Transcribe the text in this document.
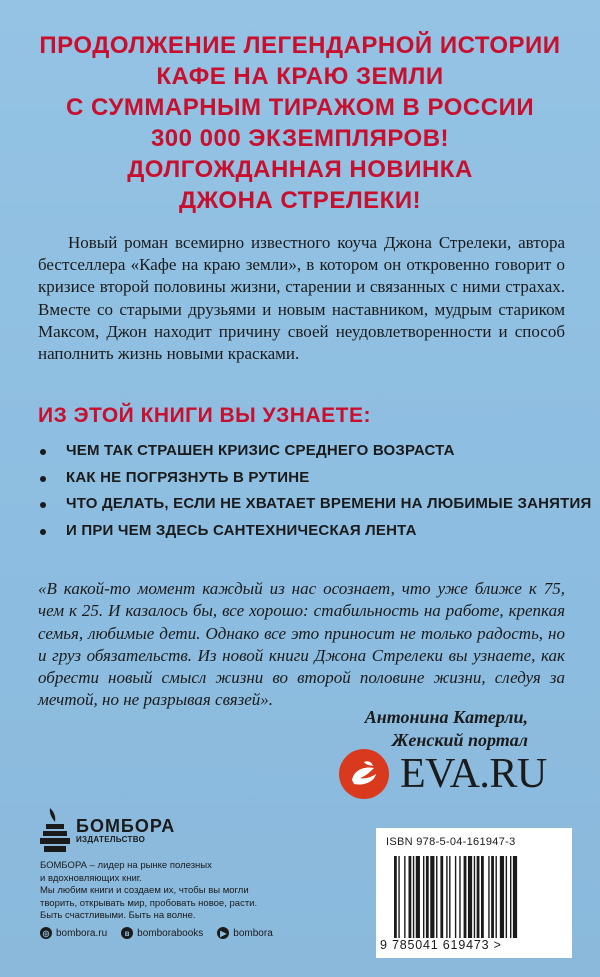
ПРОДОЛЖЕНИЕ ЛЕГЕНДАРНОЙ ИСТОРИИ
КАФЕ НА КРАЮ ЗЕМЛИ
С СУММАРНЫМ ТИРАЖОМ В РОССИИ
300 000 ЭКЗЕМПЛЯРОВ!
ДОЛГОЖДАННАЯ НОВИНКА
ДЖОНА СТРЕЛЕКИ!
Новый роман всемирно известного коуча Джона Стрелеки, автора бестселлера «Кафе на краю земли», в котором он откровенно говорит о кризисе второй половины жизни, старении и связанных с ними страхах. Вместе со старыми друзьями и новым наставником, мудрым стариком Максом, Джон находит причину своей неудовлетворенности и способ наполнить жизнь новыми красками.
ИЗ ЭТОЙ КНИГИ ВЫ УЗНАЕТЕ:
ЧЕМ ТАК СТРАШЕН КРИЗИС СРЕДНЕГО ВОЗРАСТА
КАК НЕ ПОГРЯЗНУТЬ В РУТИНЕ
ЧТО ДЕЛАТЬ, ЕСЛИ НЕ ХВАТАЕТ ВРЕМЕНИ НА ЛЮБИМЫЕ ЗАНЯТИЯ
И ПРИ ЧЕМ ЗДЕСЬ САНТЕХНИЧЕСКАЯ ЛЕНТА
«В какой-то момент каждый из нас осознает, что уже ближе к 75, чем к 25. И казалось бы, все хорошо: стабильность на работе, крепкая семья, любимые дети. Однако все это приносит не только радость, но и груз обязательств. Из новой книги Джона Стрелеки вы узнаете, как обрести новый смысл жизни во второй половине жизни, следуя за мечтой, но не разрывая связей».
Антонина Катерли,
Женский портал
EVA.RU
БОМБОРА
ИЗДАТЕЛЬСТВО
БОМБОРА – лидер на рынке полезных
и вдохновляющих книг.
Мы любим книги и создаем их, чтобы вы могли
творить, открывать мир, пробовать новое, расти.
Быть счастливыми. Быть на волне.
◎ bombora.ru	в bomborabooks	▶ bombora
ISBN 978-5-04-161947-3
9 785041 619473 >
